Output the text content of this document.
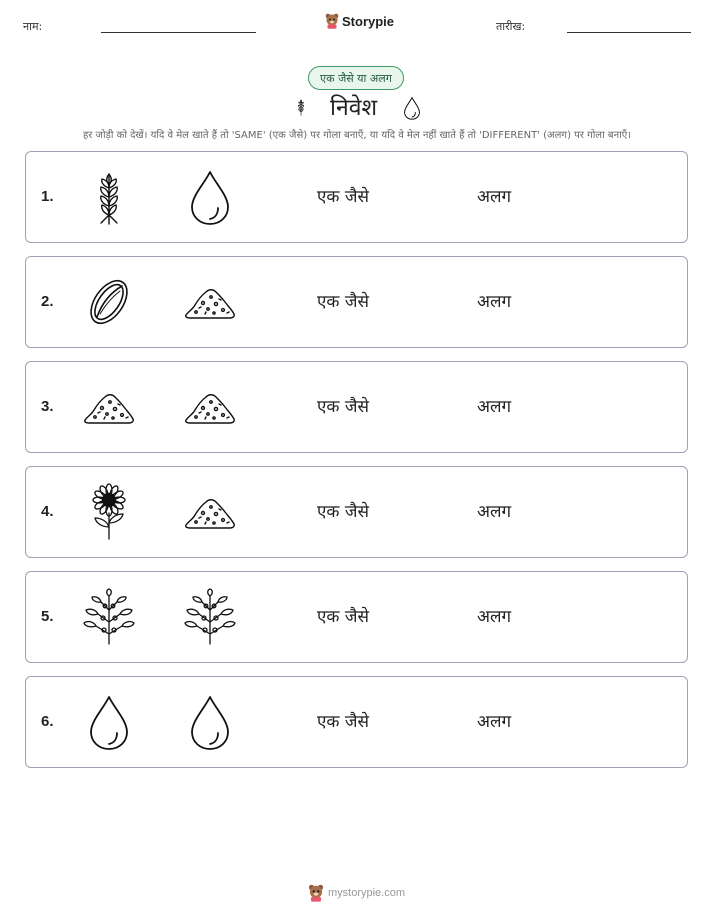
नाम:	Storypie	तारीख:
एक जैसे या अलग
निवेश
हर जोड़ी को देखें। यदि वे मेल खाते हैं तो 'SAME' (एक जैसे) पर गोला बनाएँ, या यदि वे मेल नहीं खाते हैं तो 'DIFFERENT' (अलग) पर गोला बनाएँ।
1.	एक जैसे	अलग
2.	एक जैसे	अलग
3.	एक जैसे	अलग
4.	एक जैसे	अलग
5.	एक जैसे	अलग
6.	एक जैसे	अलग
mystorypie.com
